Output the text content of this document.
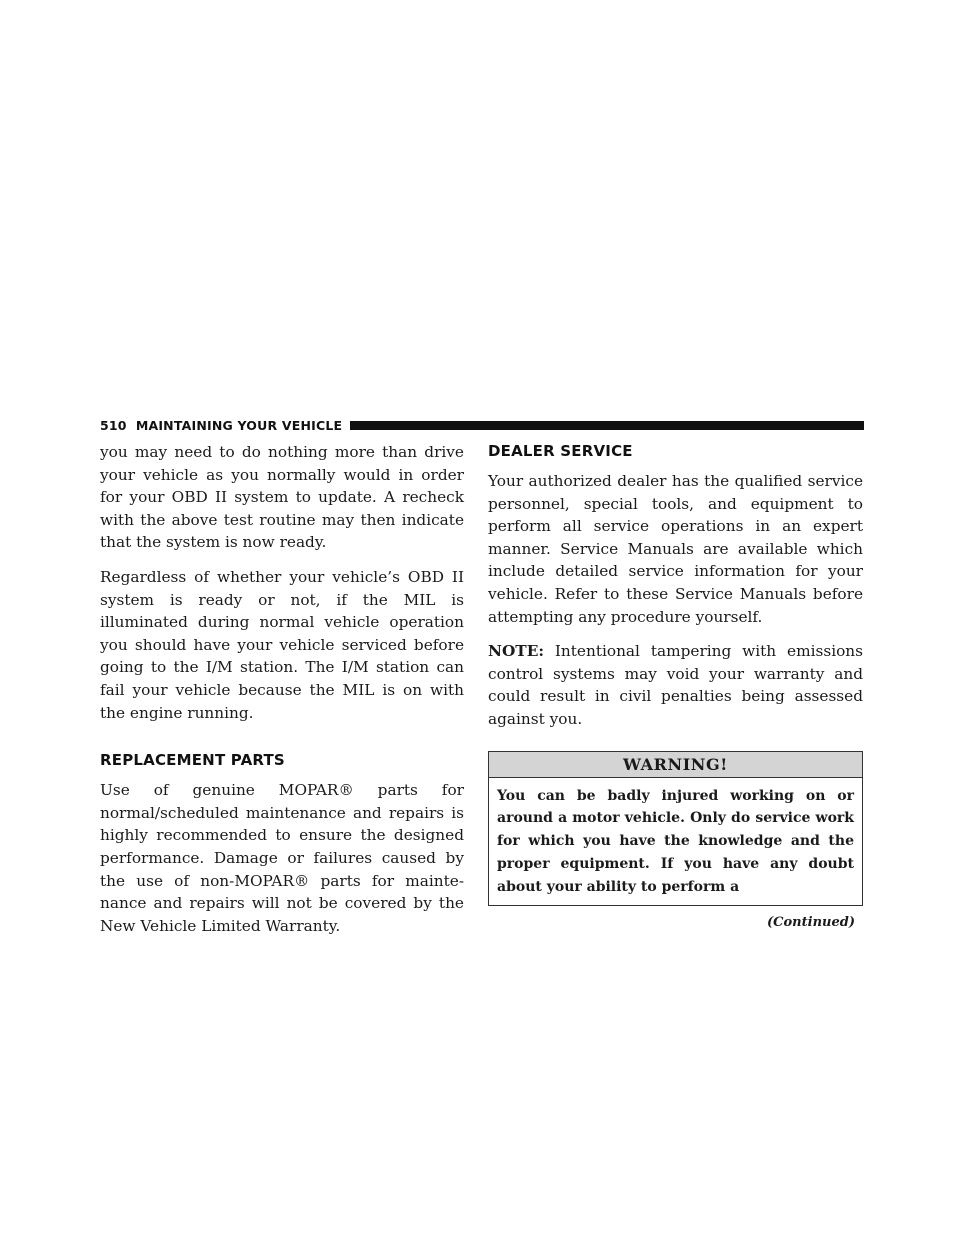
510 MAINTAINING YOUR VEHICLE

you may need to do nothing more than drive your vehicle as you normally would in order for your OBD II system to update. A recheck with the above test routine may then indicate that the system is now ready.

Regardless of whether your vehicle’s OBD II system is ready or not, if the MIL is illuminated during normal vehicle operation you should have your vehicle serviced before going to the I/M station. The I/M station can fail your vehicle because the MIL is on with the engine running.

REPLACEMENT PARTS

Use of genuine MOPAR® parts for normal/scheduled maintenance and repairs is highly recommended to ensure the designed performance. Damage or failures caused by the use of non-MOPAR® parts for maintenance and repairs will not be covered by the New Vehicle Limited Warranty.

DEALER SERVICE

Your authorized dealer has the qualified service personnel, special tools, and equipment to perform all service operations in an expert manner. Service Manuals are available which include detailed service information for your vehicle. Refer to these Service Manuals before attempting any procedure yourself.

NOTE: Intentional tampering with emissions control systems may void your warranty and could result in civil penalties being assessed against you.

WARNING!
You can be badly injured working on or around a motor vehicle. Only do service work for which you have the knowledge and the proper equipment. If you have any doubt about your ability to perform a
(Continued)
